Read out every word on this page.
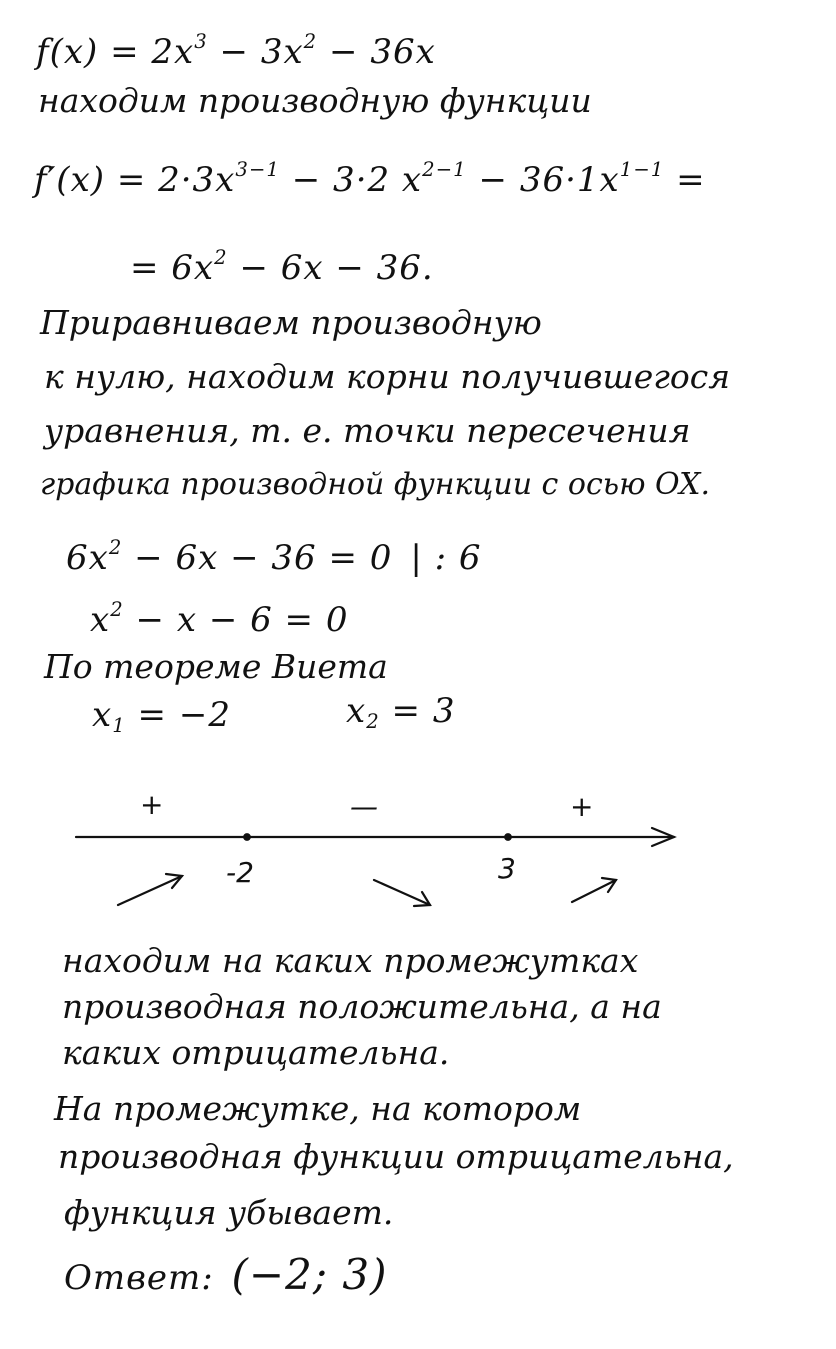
$f(x) = 2x^3 - 3x^2 - 36x$
находим производную функции
$f'(x) = 2\cdot 3x^{3-1} - 3\cdot 2$ $x^{2-1} - 36\cdot 1x^{1-1}$ =
= $6x^2 - 6x - 36$.
Приравниваем производную
к нулю, находим корни получившегося
уравнения, т. е. точки пересечения
графика производной функции с осью OX.
$6x^2 - 6x - 36 = 0$ | : 6
$x^2 - x - 6 = 0$
По теореме Виета
$x_1 = -2$	$x_2 = 3$
+	—	+
-2	3
находим на каких промежутках
производная положительна, а на
каких отрицательна.
На промежутке, на котором
производная функции отрицательна,
функция убывает.
Ответ: (−2; 3)
